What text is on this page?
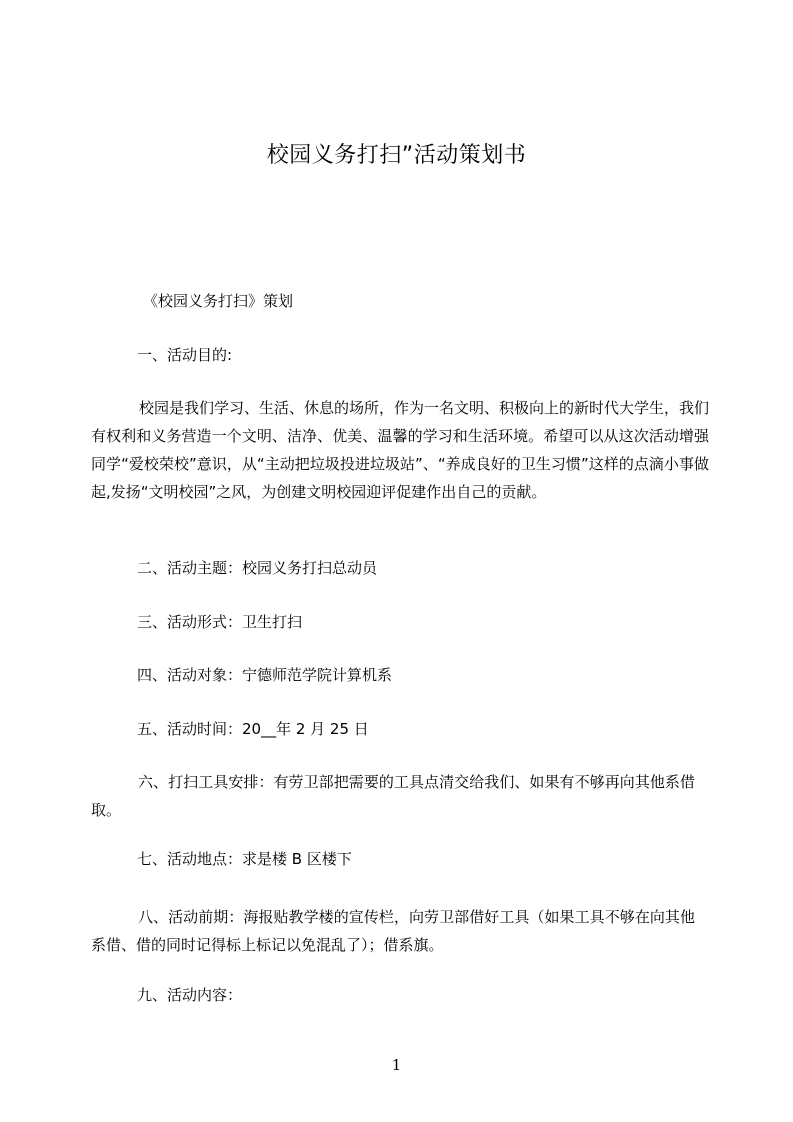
校园义务打扫”活动策划书
《校园义务打扫》策划
一、活动目的:
校园是我们学习、生活、休息的场所，作为一名文明、积极向上的新时代大学生，我们有权利和义务营造一个文明、洁净、优美、温馨的学习和生活环境。希望可以从这次活动增强同学“爱校荣校”意识，从“主动把垃圾投进垃圾站”、“养成良好的卫生习惯”这样的点滴小事做起,发扬“文明校园”之风，为创建文明校园迎评促建作出自己的贡献。
二、活动主题：校园义务打扫总动员
三、活动形式：卫生打扫
四、活动对象：宁德师范学院计算机系
五、活动时间：20__年 2 月 25 日
六、打扫工具安排：有劳卫部把需要的工具点清交给我们、如果有不够再向其他系借取。
七、活动地点：求是楼 B 区楼下
八、活动前期：海报贴教学楼的宣传栏，向劳卫部借好工具（如果工具不够在向其他系借、借的同时记得标上标记以免混乱了）；借系旗。
九、活动内容：
1
